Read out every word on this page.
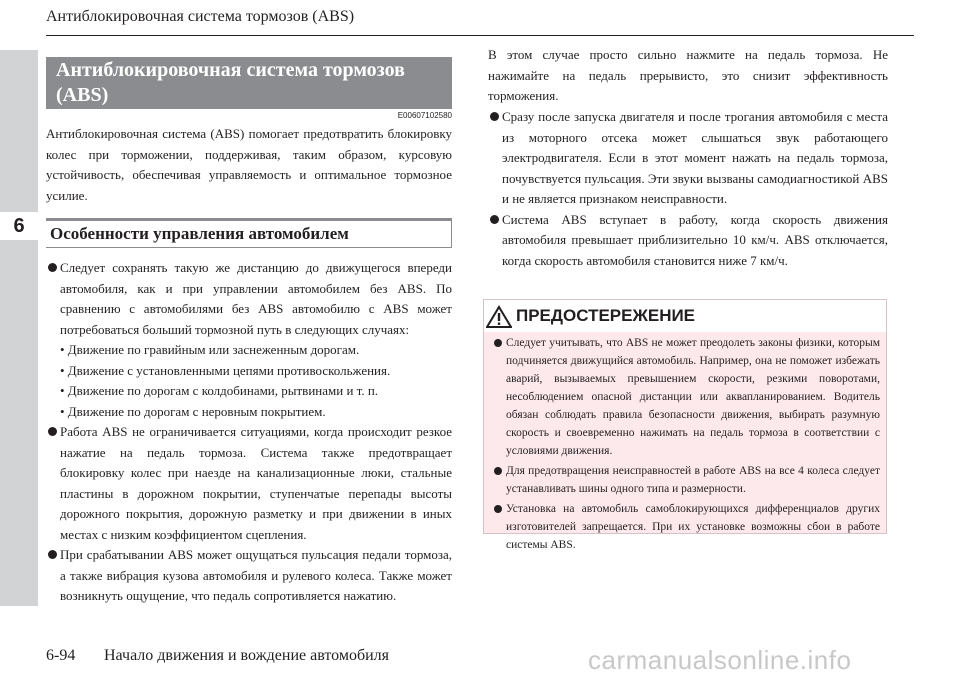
Антиблокировочная система тормозов (ABS)
6
Антиблокировочная система тормозов (ABS)
E00607102580
Антиблокировочная система (ABS) помогает предотвратить блокировку колес при торможении, поддерживая, таким образом, курсовую устойчивость, обеспечивая управляемость и оптимальное тормозное усилие.
Особенности управления автомобилем
Следует сохранять такую же дистанцию до движущегося впереди автомобиля, как и при управлении автомобилем без ABS. По сравнению с автомобилями без ABS автомобилю с ABS может потребоваться больший тормозной путь в следующих случаях:
• Движение по гравийным или заснеженным дорогам.
• Движение с установленными цепями противоскольжения.
• Движение по дорогам с колдобинами, рытвинами и т. п.
• Движение по дорогам с неровным покрытием.
Работа ABS не ограничивается ситуациями, когда происходит резкое нажатие на педаль тормоза. Система также предотвращает блокировку колес при наезде на канализационные люки, стальные пластины в дорожном покрытии, ступенчатые перепады высоты дорожного покрытия, дорожную разметку и при движении в иных местах с низким коэффициентом сцепления.
При срабатывании ABS может ощущаться пульсация педали тормоза, а также вибрация кузова автомобиля и рулевого колеса. Также может возникнуть ощущение, что педаль сопротивляется нажатию.
В этом случае просто сильно нажмите на педаль тормоза. Не нажимайте на педаль прерывисто, это снизит эффективность торможения.
Сразу после запуска двигателя и после трогания автомобиля с места из моторного отсека может слышаться звук работающего электродвигателя. Если в этот момент нажать на педаль тормоза, почувствуется пульсация. Эти звуки вызваны самодиагностикой ABS и не является признаком неисправности.
Система ABS вступает в работу, когда скорость движения автомобиля превышает приблизительно 10 км/ч. ABS отключается, когда скорость автомобиля становится ниже 7 км/ч.
ПРЕДОСТЕРЕЖЕНИЕ
Следует учитывать, что ABS не может преодолеть законы физики, которым подчиняется движущийся автомобиль. Например, она не поможет избежать аварий, вызываемых превышением скорости, резкими поворотами, несоблюдением опасной дистанции или аквапланированием. Водитель обязан соблюдать правила безопасности движения, выбирать разумную скорость и своевременно нажимать на педаль тормоза в соответствии с условиями движения.
Для предотвращения неисправностей в работе ABS на все 4 колеса следует устанавливать шины одного типа и размерности.
Установка на автомобиль самоблокирующихся дифференциалов других изготовителей запрещается. При их установке возможны сбои в работе системы ABS.
6-94 Начало движения и вождение автомобиля	carmanualsonline.info
